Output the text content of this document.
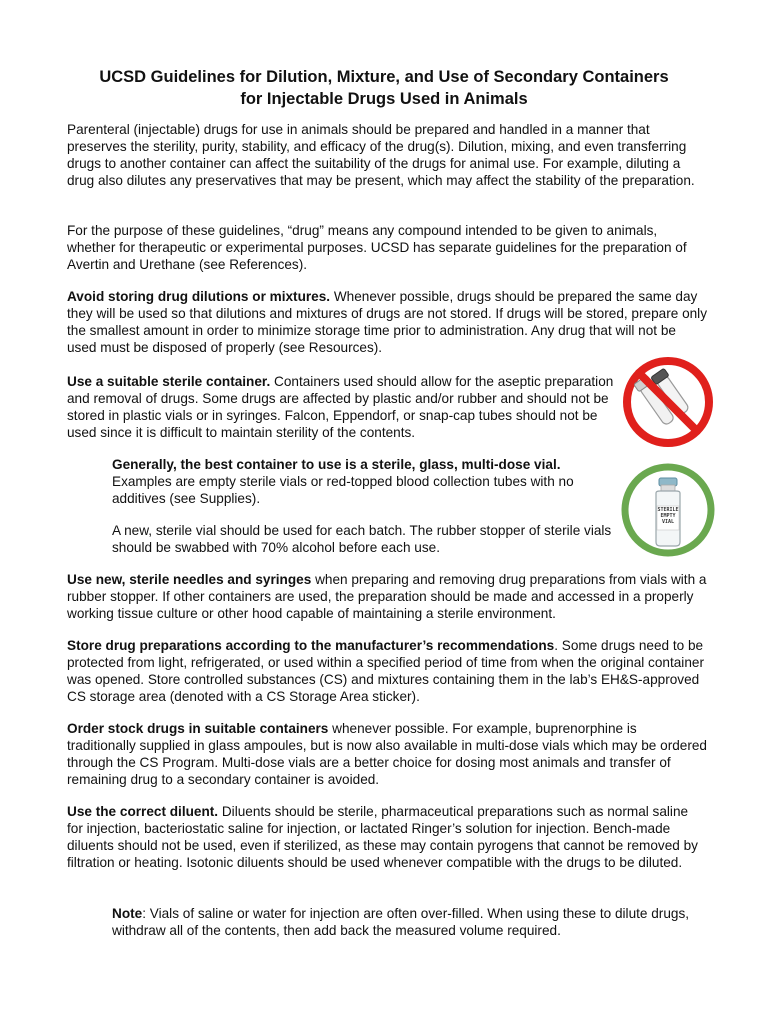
UCSD Guidelines for Dilution, Mixture, and Use of Secondary Containers
for Injectable Drugs Used in Animals

Parenteral (injectable) drugs for use in animals should be prepared and handled in a manner that preserves the sterility, purity, stability, and efficacy of the drug(s). Dilution, mixing, and even transferring drugs to another container can affect the suitability of the drugs for animal use. For example, diluting a drug also dilutes any preservatives that may be present, which may affect the stability of the preparation.

For the purpose of these guidelines, “drug” means any compound intended to be given to animals, whether for therapeutic or experimental purposes. UCSD has separate guidelines for the preparation of Avertin and Urethane (see References).

Avoid storing drug dilutions or mixtures. Whenever possible, drugs should be prepared the same day they will be used so that dilutions and mixtures of drugs are not stored. If drugs will be stored, prepare only the smallest amount in order to minimize storage time prior to administration. Any drug that will not be used must be disposed of properly (see Resources).

Use a suitable sterile container. Containers used should allow for the aseptic preparation and removal of drugs. Some drugs are affected by plastic and/or rubber and should not be stored in plastic vials or in syringes. Falcon, Eppendorf, or snap-cap tubes should not be used since it is difficult to maintain sterility of the contents.

Generally, the best container to use is a sterile, glass, multi-dose vial. Examples are empty sterile vials or red-topped blood collection tubes with no additives (see Supplies).

A new, sterile vial should be used for each batch. The rubber stopper of sterile vials should be swabbed with 70% alcohol before each use.

Use new, sterile needles and syringes when preparing and removing drug preparations from vials with a rubber stopper. If other containers are used, the preparation should be made and accessed in a properly working tissue culture or other hood capable of maintaining a sterile environment.

Store drug preparations according to the manufacturer’s recommendations. Some drugs need to be protected from light, refrigerated, or used within a specified period of time from when the original container was opened. Store controlled substances (CS) and mixtures containing them in the lab’s EH&S-approved CS storage area (denoted with a CS Storage Area sticker).

Order stock drugs in suitable containers whenever possible. For example, buprenorphine is traditionally supplied in glass ampoules, but is now also available in multi-dose vials which may be ordered through the CS Program. Multi-dose vials are a better choice for dosing most animals and transfer of remaining drug to a secondary container is avoided.

Use the correct diluent. Diluents should be sterile, pharmaceutical preparations such as normal saline for injection, bacteriostatic saline for injection, or lactated Ringer’s solution for injection. Bench-made diluents should not be used, even if sterilized, as these may contain pyrogens that cannot be removed by filtration or heating. Isotonic diluents should be used whenever compatible with the drugs to be diluted.

Note: Vials of saline or water for injection are often over-filled. When using these to dilute drugs, withdraw all of the contents, then add back the measured volume required.

STERILE
EMPTY
VIAL
